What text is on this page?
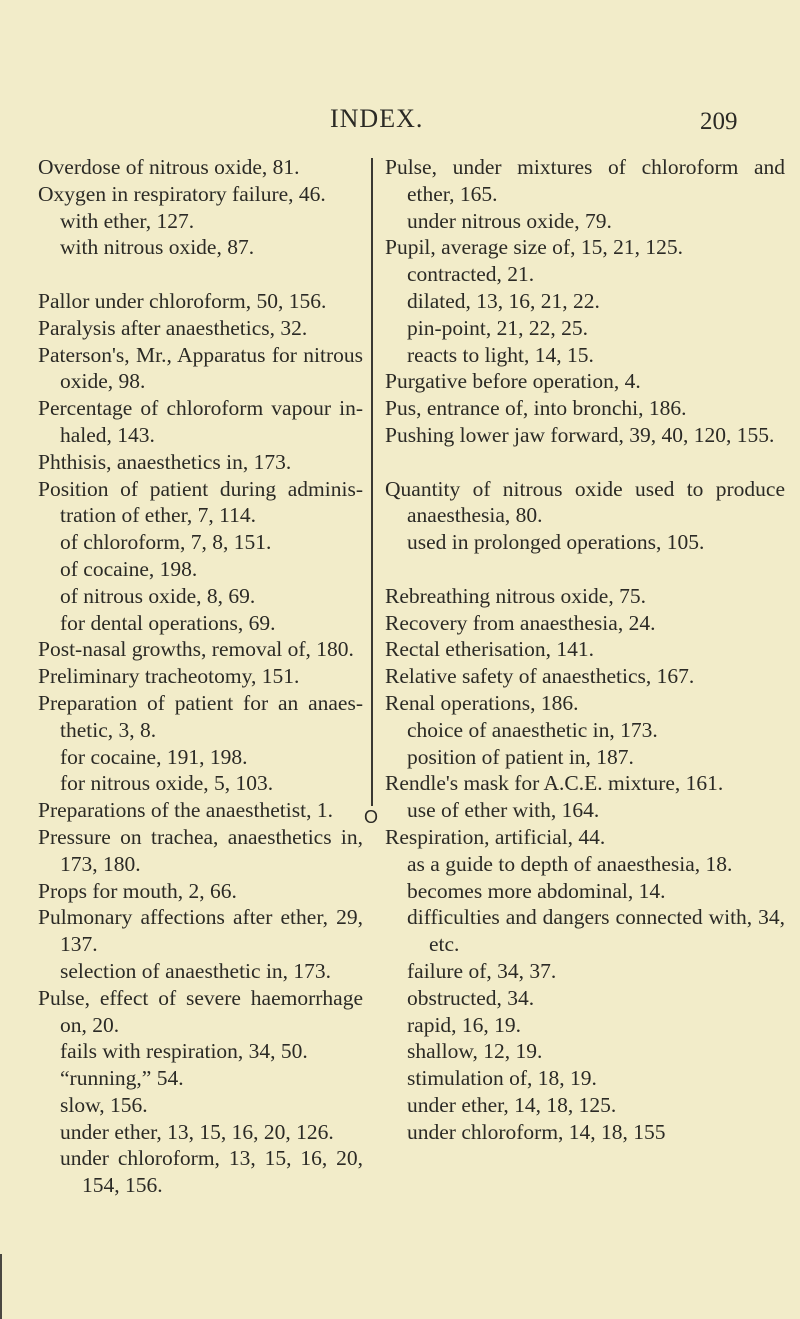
INDEX.	209

Overdose of nitrous oxide, 81.

Oxygen in respiratory failure, 46.

with ether, 127.

with nitrous oxide, 87.

Pallor under chloroform, 50, 156.

Paralysis after anaesthetics, 32.

Paterson's, Mr., Apparatus for nitrous oxide, 98.

Percentage of chloroform vapour in-haled, 143.

Phthisis, anaesthetics in, 173.

Position of patient during adminis-tration of ether, 7, 114.

of chloroform, 7, 8, 151.

of cocaine, 198.

of nitrous oxide, 8, 69.

for dental operations, 69.

Post-nasal growths, removal of, 180.

Preliminary tracheotomy, 151.

Preparation of patient for an anaes-thetic, 3, 8.

for cocaine, 191, 198.

for nitrous oxide, 5, 103.

Preparations of the anaesthetist, 1.

Pressure on trachea, anaesthetics in, 173, 180.

Props for mouth, 2, 66.

Pulmonary affections after ether, 29, 137.

selection of anaesthetic in, 173.

Pulse, effect of severe haemorrhage on, 20.

fails with respiration, 34, 50.

“running,” 54.

slow, 156.

under ether, 13, 15, 16, 20, 126.

under chloroform, 13, 15, 16, 20, 154, 156.

Pulse, under mixtures of chloroform and ether, 165.

under nitrous oxide, 79.

Pupil, average size of, 15, 21, 125.

contracted, 21.

dilated, 13, 16, 21, 22.

pin-point, 21, 22, 25.

reacts to light, 14, 15.

Purgative before operation, 4.

Pus, entrance of, into bronchi, 186.

Pushing lower jaw forward, 39, 40, 120, 155.

Quantity of nitrous oxide used to produce anaesthesia, 80.

used in prolonged operations, 105.

Rebreathing nitrous oxide, 75.

Recovery from anaesthesia, 24.

Rectal etherisation, 141.

Relative safety of anaesthetics, 167.

Renal operations, 186.

choice of anaesthetic in, 173.

position of patient in, 187.

Rendle's mask for A.C.E. mixture, 161.

use of ether with, 164.

Respiration, artificial, 44.

as a guide to depth of anaesthesia, 18.

becomes more abdominal, 14.

difficulties and dangers connected with, 34, etc.

failure of, 34, 37.

obstructed, 34.

rapid, 16, 19.

shallow, 12, 19.

stimulation of, 18, 19.

under ether, 14, 18, 125.

under chloroform, 14, 18, 155

O
